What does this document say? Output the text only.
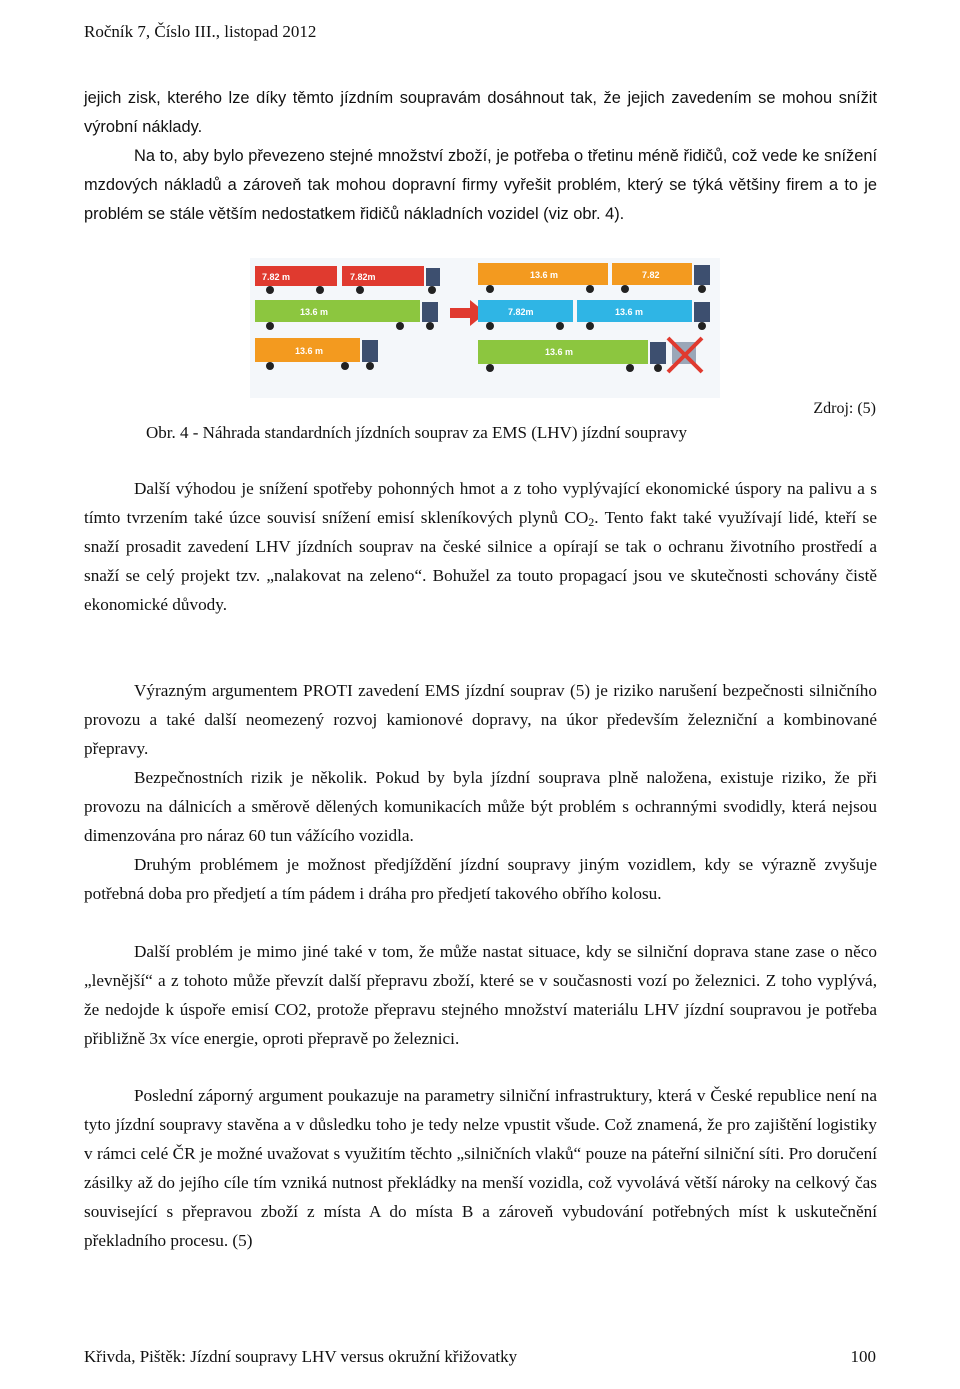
Ročník 7, Číslo III., listopad 2012

jejich zisk, kterého lze díky těmto jízdním soupravám dosáhnout tak, že jejich zavedením se mohou snížit výrobní náklady.

Na to, aby bylo převezeno stejné množství zboží, je potřeba o třetinu méně řidičů, což vede ke snížení mzdových nákladů a zároveň tak mohou dopravní firmy vyřešit problém, který se týká většiny firem a to je problém se stále větším nedostatkem řidičů nákladních vozidel (viz obr. 4).

7.82 m	7.82m
13.6 m
13.6 m
13.6 m	7.82
7.82m	13.6 m
13.6 m
Zdroj: (5)
Obr. 4 - Náhrada standardních jízdních souprav za EMS (LHV) jízdní soupravy

Další výhodou je snížení spotřeby pohonných hmot a z toho vyplývající ekonomické úspory na palivu a s tímto tvrzením také úzce souvisí snížení emisí skleníkových plynů $CO_2$. Tento fakt také využívají lidé, kteří se snaží prosadit zavedení LHV jízdních souprav na české silnice a opírají se tak o ochranu životního prostředí a snaží se celý projekt tzv. „nalakovat na zeleno“. Bohužel za touto propagací jsou ve skutečnosti schovány čistě ekonomické důvody.

Výrazným argumentem PROTI zavedení EMS jízdní souprav (5) je riziko narušení bezpečnosti silničního provozu a také další neomezený rozvoj kamionové dopravy, na úkor především železniční a kombinované přepravy.

Bezpečnostních rizik je několik. Pokud by byla jízdní souprava plně naložena, existuje riziko, že při provozu na dálnicích a směrově dělených komunikacích může být problém s ochrannými svodidly, která nejsou dimenzována pro náraz 60 tun vážícího vozidla.

Druhým problémem je možnost předjíždění jízdní soupravy jiným vozidlem, kdy se výrazně zvyšuje potřebná doba pro předjetí a tím pádem i dráha pro předjetí takového obřího kolosu.

Další problém je mimo jiné také v tom, že může nastat situace, kdy se silniční doprava stane zase o něco „levnější“ a z tohoto může převzít další přepravu zboží, které se v současnosti vozí po železnici. Z toho vyplývá, že nedojde k úspoře emisí CO2, protože přepravu stejného množství materiálu LHV jízdní soupravou je potřeba přibližně 3x více energie, oproti přepravě po železnici.

Poslední záporný argument poukazuje na parametry silniční infrastruktury, která v České republice není na tyto jízdní soupravy stavěna a v důsledku toho je tedy nelze vpustit všude. Což znamená, že pro zajištění logistiky v rámci celé ČR je možné uvažovat s využitím těchto „silničních vlaků“ pouze na páteřní silniční síti. Pro doručení zásilky až do jejího cíle tím vzniká nutnost překládky na menší vozidla, což vyvolává větší nároky na celkový čas související s přepravou zboží z místa A do místa B a zároveň vybudování potřebných míst k uskutečnění překladního procesu. (5)

Křivda, Pištěk: Jízdní soupravy LHV versus okružní křižovatky	100
